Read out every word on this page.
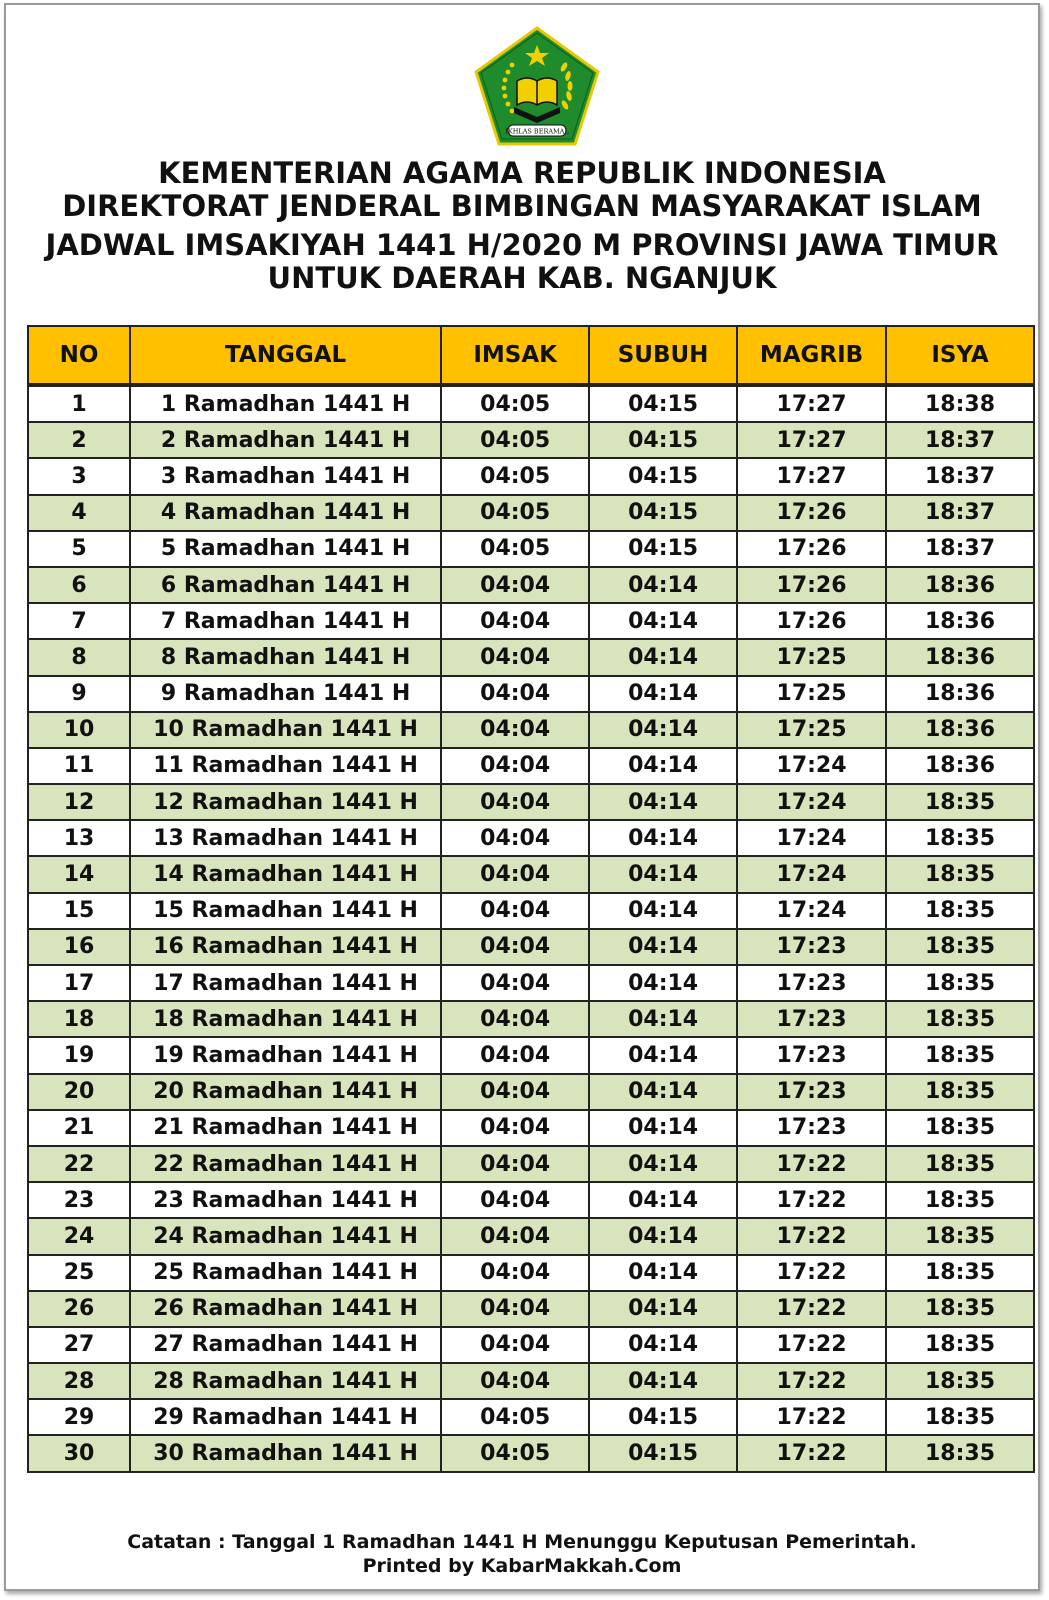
IKHLAS BERAMAL

KEMENTERIAN AGAMA REPUBLIK INDONESIA

DIREKTORAT JENDERAL BIMBINGAN MASYARAKAT ISLAM

JADWAL IMSAKIYAH 1441 H/2020 M PROVINSI JAWA TIMUR

UNTUK DAERAH KAB. NGANJUK

NO	TANGGAL	IMSAK	SUBUH	MAGRIB	ISYA
1	1 Ramadhan 1441 H	04:05	04:15	17:27	18:38
2	2 Ramadhan 1441 H	04:05	04:15	17:27	18:37
3	3 Ramadhan 1441 H	04:05	04:15	17:27	18:37
4	4 Ramadhan 1441 H	04:05	04:15	17:26	18:37
5	5 Ramadhan 1441 H	04:05	04:15	17:26	18:37
6	6 Ramadhan 1441 H	04:04	04:14	17:26	18:36
7	7 Ramadhan 1441 H	04:04	04:14	17:26	18:36
8	8 Ramadhan 1441 H	04:04	04:14	17:25	18:36
9	9 Ramadhan 1441 H	04:04	04:14	17:25	18:36
10	10 Ramadhan 1441 H	04:04	04:14	17:25	18:36
11	11 Ramadhan 1441 H	04:04	04:14	17:24	18:36
12	12 Ramadhan 1441 H	04:04	04:14	17:24	18:35
13	13 Ramadhan 1441 H	04:04	04:14	17:24	18:35
14	14 Ramadhan 1441 H	04:04	04:14	17:24	18:35
15	15 Ramadhan 1441 H	04:04	04:14	17:24	18:35
16	16 Ramadhan 1441 H	04:04	04:14	17:23	18:35
17	17 Ramadhan 1441 H	04:04	04:14	17:23	18:35
18	18 Ramadhan 1441 H	04:04	04:14	17:23	18:35
19	19 Ramadhan 1441 H	04:04	04:14	17:23	18:35
20	20 Ramadhan 1441 H	04:04	04:14	17:23	18:35
21	21 Ramadhan 1441 H	04:04	04:14	17:23	18:35
22	22 Ramadhan 1441 H	04:04	04:14	17:22	18:35
23	23 Ramadhan 1441 H	04:04	04:14	17:22	18:35
24	24 Ramadhan 1441 H	04:04	04:14	17:22	18:35
25	25 Ramadhan 1441 H	04:04	04:14	17:22	18:35
26	26 Ramadhan 1441 H	04:04	04:14	17:22	18:35
27	27 Ramadhan 1441 H	04:04	04:14	17:22	18:35
28	28 Ramadhan 1441 H	04:04	04:14	17:22	18:35
29	29 Ramadhan 1441 H	04:05	04:15	17:22	18:35
30	30 Ramadhan 1441 H	04:05	04:15	17:22	18:35
Catatan : Tanggal 1 Ramadhan 1441 H Menunggu Keputusan Pemerintah.
Printed by KabarMakkah.Com
